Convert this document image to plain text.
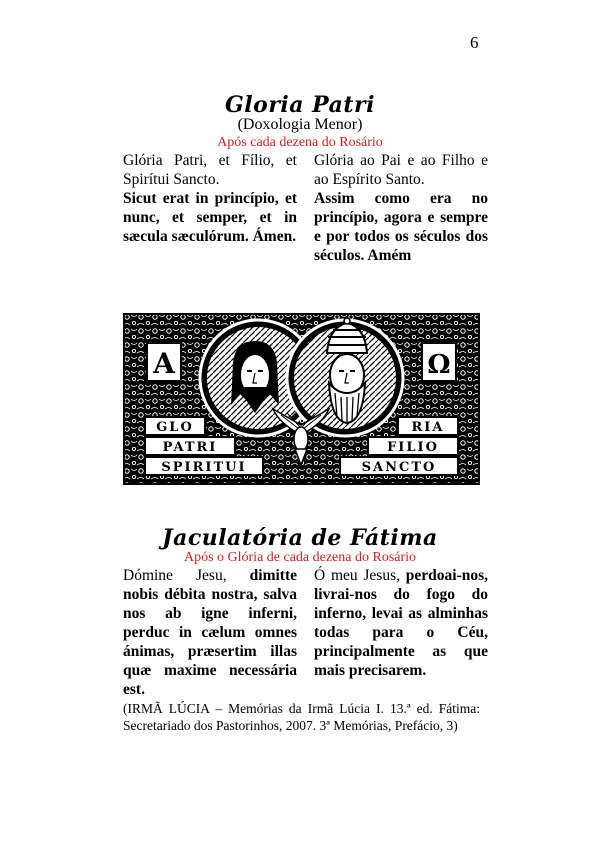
6
Gloria Patri
(Doxologia Menor)
Após cada dezena do Rosário

Glória Patri, et Fílio, et Spirítui Sancto.

Sicut erat in princípio, et nunc, et semper, et in sæcula sæculórum. Ámen.

Glória ao Pai e ao Filho e ao Espírito Santo.

Assim como era no princípio, agora e sempre e por todos os séculos dos séculos. Amém

A	Ω
GLO	RIA
PATRI	FILIO
SPIRITUI	SANCTO
Jaculatória de Fátima
Após o Glória de cada dezena do Rosário

Dómine Jesu, dimitte nobis débita nostra, salva nos ab igne inferni, perduc in cælum omnes ánimas, præsertim illas quæ maxime necessária est.

Ó meu Jesus, perdoai-nos, livrai-nos do fogo do inferno, levai as alminhas todas para o Céu, principalmente as que mais precisarem.

(IRMÃ LÚCIA – Memórias da Irmã Lúcia I. 13.ª ed. Fátima: Secretariado dos Pastorinhos, 2007. 3ª Memórias, Prefácio, 3)
